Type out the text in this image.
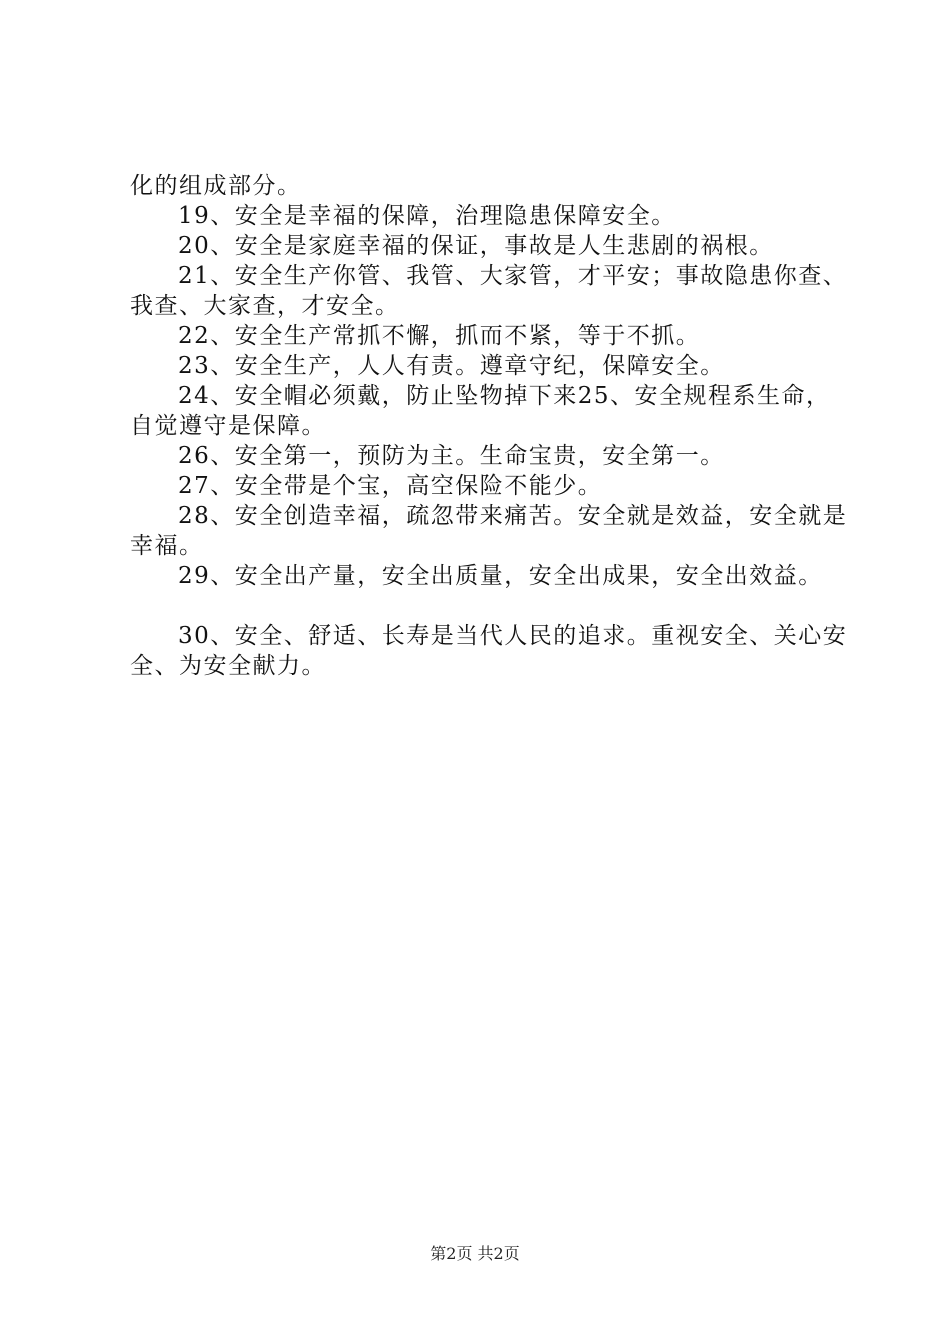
化的组成部分。

19、安全是幸福的保障，治理隐患保障安全。

20、安全是家庭幸福的保证，事故是人生悲剧的祸根。

21、安全生产你管、我管、大家管，才平安；事故隐患你查、我查、大家查，才安全。

22、安全生产常抓不懈，抓而不紧，等于不抓。

23、安全生产，人人有责。遵章守纪，保障安全。

24、安全帽必须戴，防止坠物掉下来25、安全规程系生命，自觉遵守是保障。

26、安全第一，预防为主。生命宝贵，安全第一。

27、安全带是个宝，高空保险不能少。

28、安全创造幸福，疏忽带来痛苦。安全就是效益，安全就是幸福。

29、安全出产量，安全出质量，安全出成果，安全出效益。

30、安全、舒适、长寿是当代人民的追求。重视安全、关心安全、为安全献力。

第2页 共2页
